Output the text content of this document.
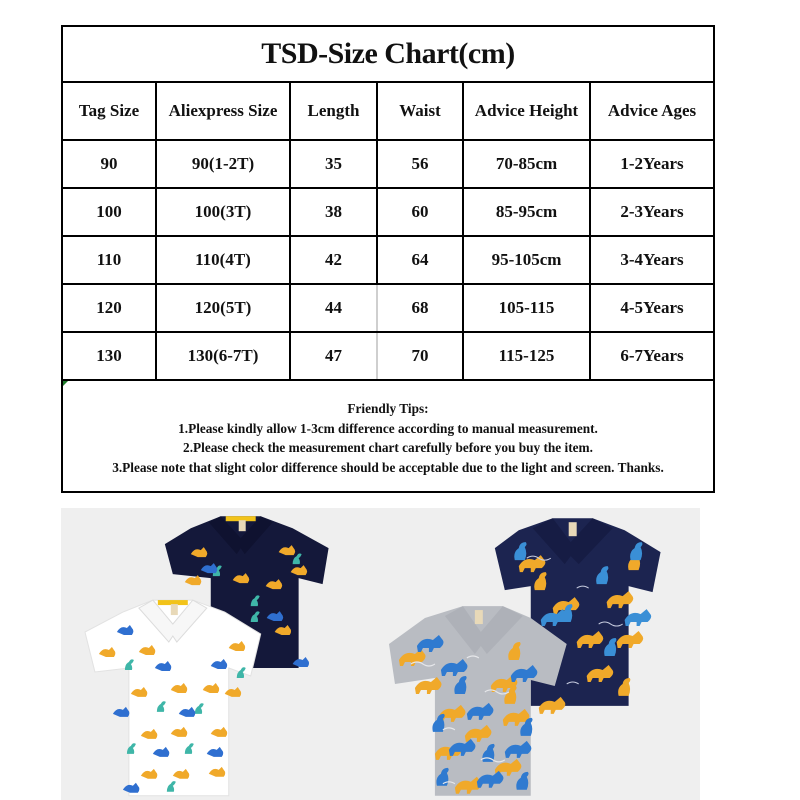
TSD-Size Chart(cm)
Tag Size	Aliexpress Size	Length	Waist	Advice Height	Advice Ages
90	90(1-2T)	35	56	70-85cm	1-2Years
100	100(3T)	38	60	85-95cm	2-3Years
110	110(4T)	42	64	95-105cm	3-4Years
120	120(5T)	44	68	105-115	4-5Years
130	130(6-7T)	47	70	115-125	6-7Years
Friendly Tips:
1.Please kindly allow 1-3cm difference according to manual measurement.
2.Please check the measurement chart carefully before you buy the item.
3.Please note that slight color difference should be acceptable due to the light and screen. Thanks.
